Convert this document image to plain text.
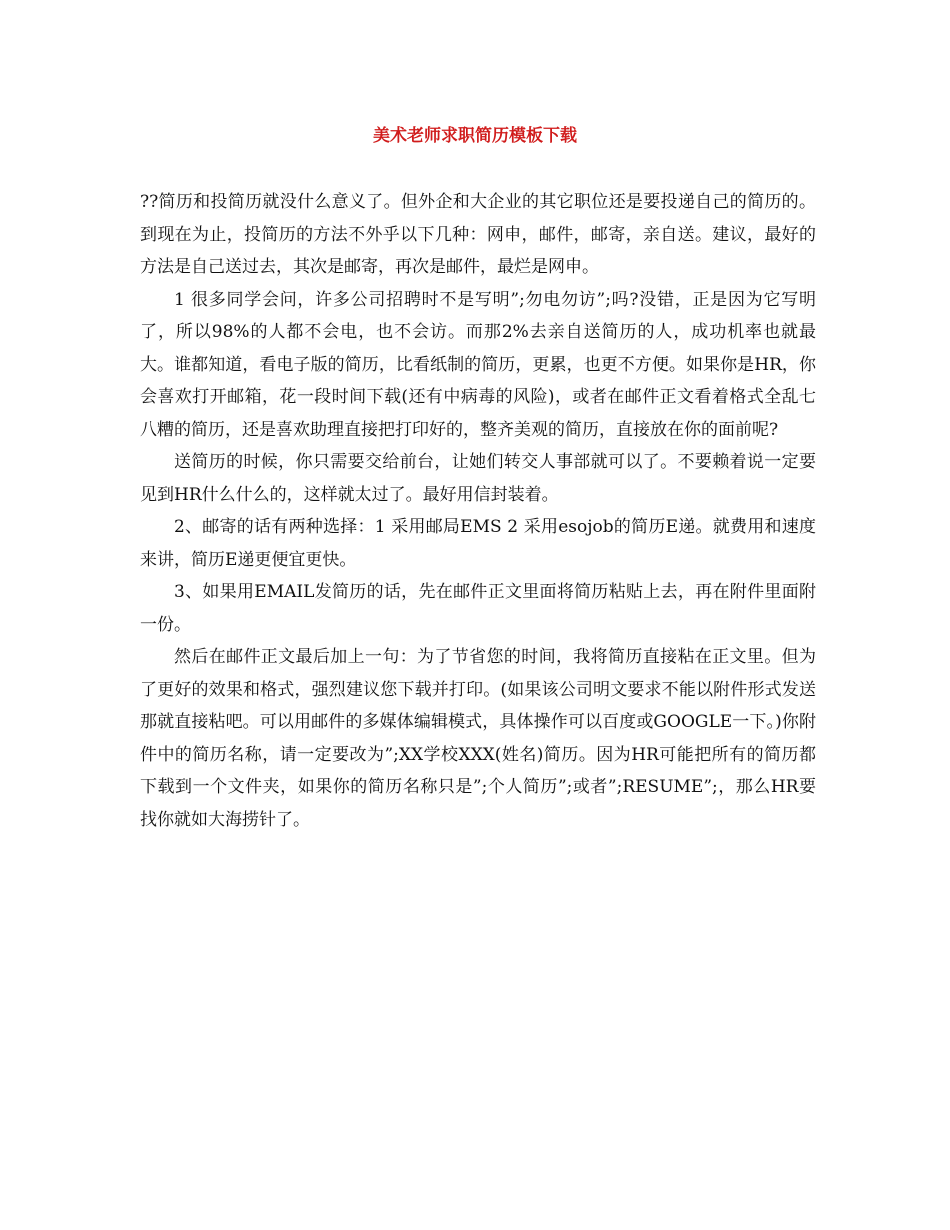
美术老师求职简历模板下载

??简历和投简历就没什么意义了。但外企和大企业的其它职位还是要投递自己的简历的。到现在为止，投简历的方法不外乎以下几种：网申，邮件，邮寄，亲自送。建议，最好的方法是自己送过去，其次是邮寄，再次是邮件，最烂是网申。

1 很多同学会问，许多公司招聘时不是写明”;勿电勿访”;吗?没错，正是因为它写明了，所以98%的人都不会电，也不会访。而那2%去亲自送简历的人，成功机率也就最大。谁都知道，看电子版的简历，比看纸制的简历，更累，也更不方便。如果你是HR，你会喜欢打开邮箱，花一段时间下载(还有中病毒的风险)，或者在邮件正文看着格式全乱七八糟的简历，还是喜欢助理直接把打印好的，整齐美观的简历，直接放在你的面前呢?

送简历的时候，你只需要交给前台，让她们转交人事部就可以了。不要赖着说一定要见到HR什么什么的，这样就太过了。最好用信封装着。

2、邮寄的话有两种选择：1 采用邮局EMS 2 采用esojob的简历E递。就费用和速度来讲，简历E递更便宜更快。

3、如果用EMAIL发简历的话，先在邮件正文里面将简历粘贴上去，再在附件里面附一份。

然后在邮件正文最后加上一句：为了节省您的时间，我将简历直接粘在正文里。但为了更好的效果和格式，强烈建议您下载并打印。(如果该公司明文要求不能以附件形式发送那就直接粘吧。可以用邮件的多媒体编辑模式，具体操作可以百度或GOOGLE一下。)你附件中的简历名称，请一定要改为”;XX学校XXX(姓名)简历。因为HR可能把所有的简历都下载到一个文件夹，如果你的简历名称只是”;个人简历”;或者”;RESUME”;，那么HR要找你就如大海捞针了。
